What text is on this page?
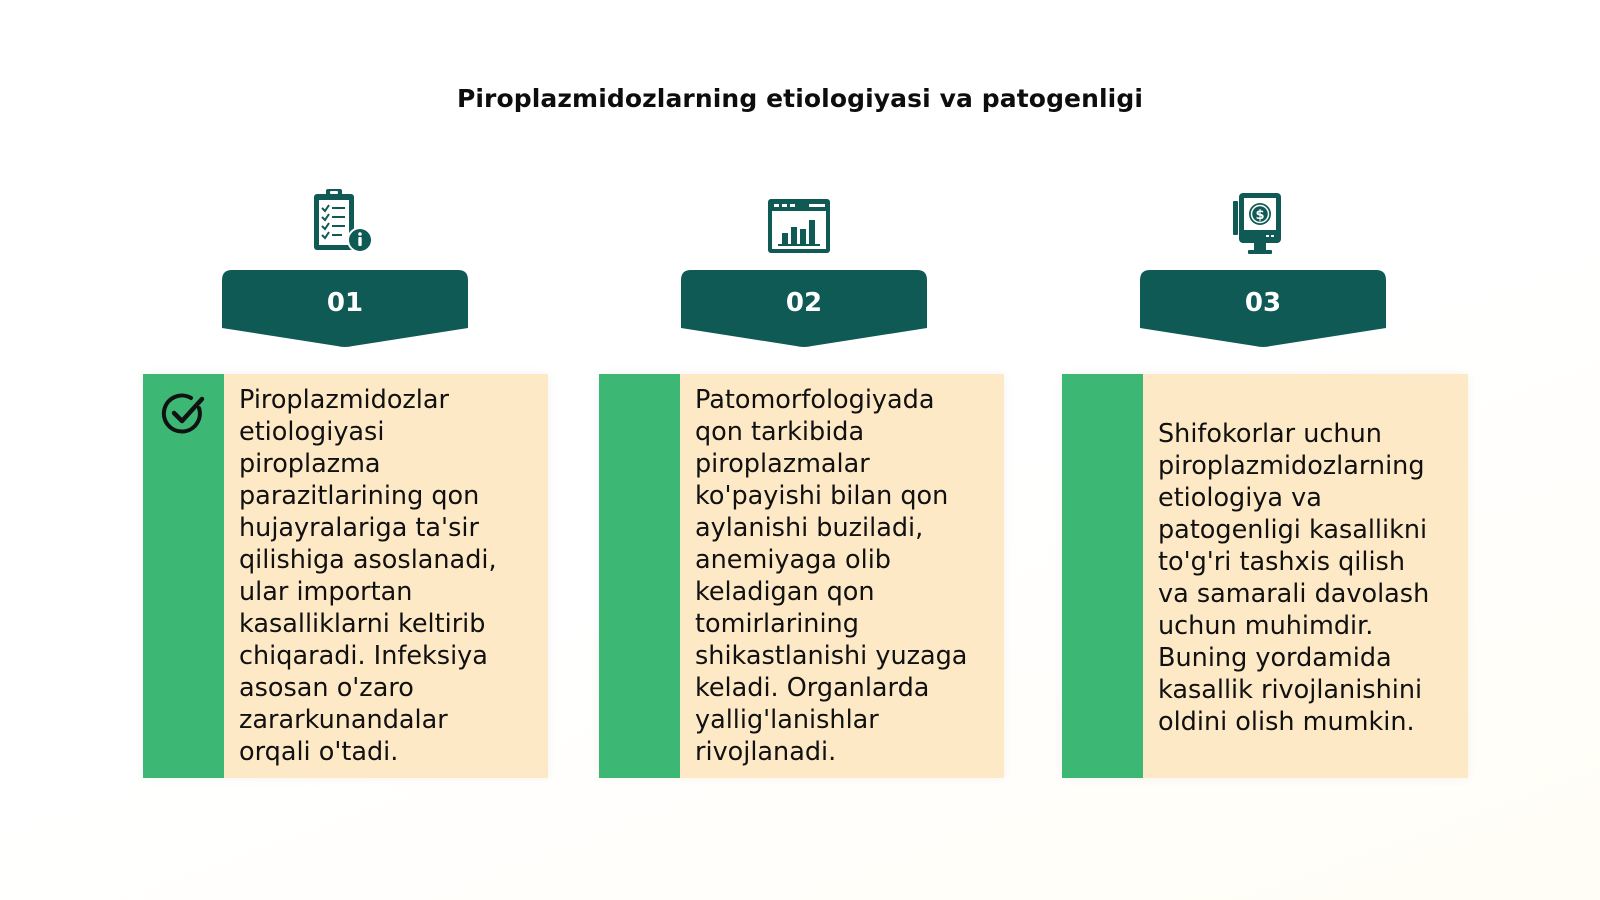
Piroplazmidozlarning etiologiyasi va patogenligi
$
01	02	03
Piroplazmidozlar
etiologiyasi
piroplazma
parazitlarining qon
hujayralariga ta'sir
qilishiga asoslanadi,
ular importan
kasalliklarni keltirib
chiqaradi. Infeksiya
asosan o'zaro
zararkunandalar
orqali o'tadi.
Patomorfologiyada
qon tarkibida
piroplazmalar
ko'payishi bilan qon
aylanishi buziladi,
anemiyaga olib
keladigan qon
tomirlarining
shikastlanishi yuzaga
keladi. Organlarda
yallig'lanishlar
rivojlanadi.
Shifokorlar uchun
piroplazmidozlarning
etiologiya va
patogenligi kasallikni
to'g'ri tashxis qilish
va samarali davolash
uchun muhimdir.
Buning yordamida
kasallik rivojlanishini
oldini olish mumkin.
